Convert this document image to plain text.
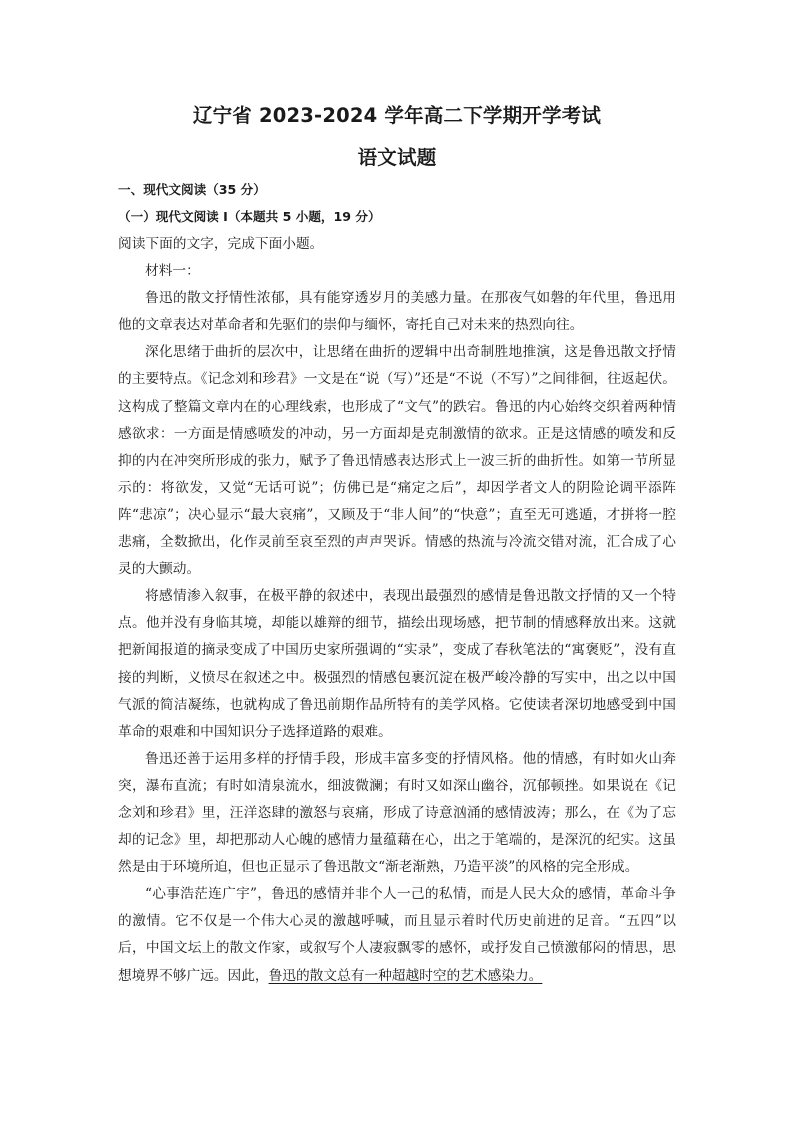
辽宁省 2023-2024 学年高二下学期开学考试
语文试题
一、现代文阅读（35 分）
（一）现代文阅读 I（本题共 5 小题，19 分）

阅读下面的文字，完成下面小题。

材料一：

鲁迅的散文抒情性浓郁，具有能穿透岁月的美感力量。在那夜气如磐的年代里，鲁迅用他的文章表达对革命者和先驱们的崇仰与缅怀，寄托自己对未来的热烈向往。

深化思绪于曲折的层次中，让思绪在曲折的逻辑中出奇制胜地推演，这是鲁迅散文抒情的主要特点。《记念刘和珍君》一文是在“说（写）”还是“不说（不写）”之间徘徊，往返起伏。这构成了整篇文章内在的心理线索，也形成了“文气”的跌宕。鲁迅的内心始终交织着两种情感欲求：一方面是情感喷发的冲动，另一方面却是克制激情的欲求。正是这情感的喷发和反抑的内在冲突所形成的张力，赋予了鲁迅情感表达形式上一波三折的曲折性。如第一节所显示的：将欲发，又觉“无话可说”；仿佛已是“痛定之后”，却因学者文人的阴险论调平添阵阵“悲凉”；决心显示“最大哀痛”，又顾及于“非人间”的“快意”；直至无可逃遁，才拼将一腔悲痛，全数掀出，化作灵前至哀至烈的声声哭诉。情感的热流与冷流交错对流，汇合成了心灵的大颤动。

将感情渗入叙事，在极平静的叙述中，表现出最强烈的感情是鲁迅散文抒情的又一个特点。他并没有身临其境，却能以雄辩的细节，描绘出现场感，把节制的情感释放出来。这就把新闻报道的摘录变成了中国历史家所强调的“实录”，变成了春秋笔法的“寓褒贬”，没有直接的判断，义愤尽在叙述之中。极强烈的情感包裹沉淀在极严峻冷静的写实中，出之以中国气派的简洁凝练，也就构成了鲁迅前期作品所特有的美学风格。它使读者深切地感受到中国革命的艰难和中国知识分子选择道路的艰难。

鲁迅还善于运用多样的抒情手段，形成丰富多变的抒情风格。他的情感，有时如火山奔突，瀑布直流；有时如清泉流水，细波微澜；有时又如深山幽谷，沉郁顿挫。如果说在《记念刘和珍君》里，汪洋恣肆的激怒与哀痛，形成了诗意汹涌的感情波涛；那么，在《为了忘却的记念》里，却把那动人心魄的感情力量蕴藉在心，出之于笔端的，是深沉的纪实。这虽然是由于环境所迫，但也正显示了鲁迅散文“渐老渐熟，乃造平淡”的风格的完全形成。

“心事浩茫连广宇”，鲁迅的感情并非个人一己的私情，而是人民大众的感情，革命斗争的激情。它不仅是一个伟大心灵的激越呼喊，而且显示着时代历史前进的足音。“五四”以后，中国文坛上的散文作家，或叙写个人凄寂飘零的感怀，或抒发自己愤激郁闷的情思，思想境界不够广远。因此，鲁迅的散文总有一种超越时空的艺术感染力。
